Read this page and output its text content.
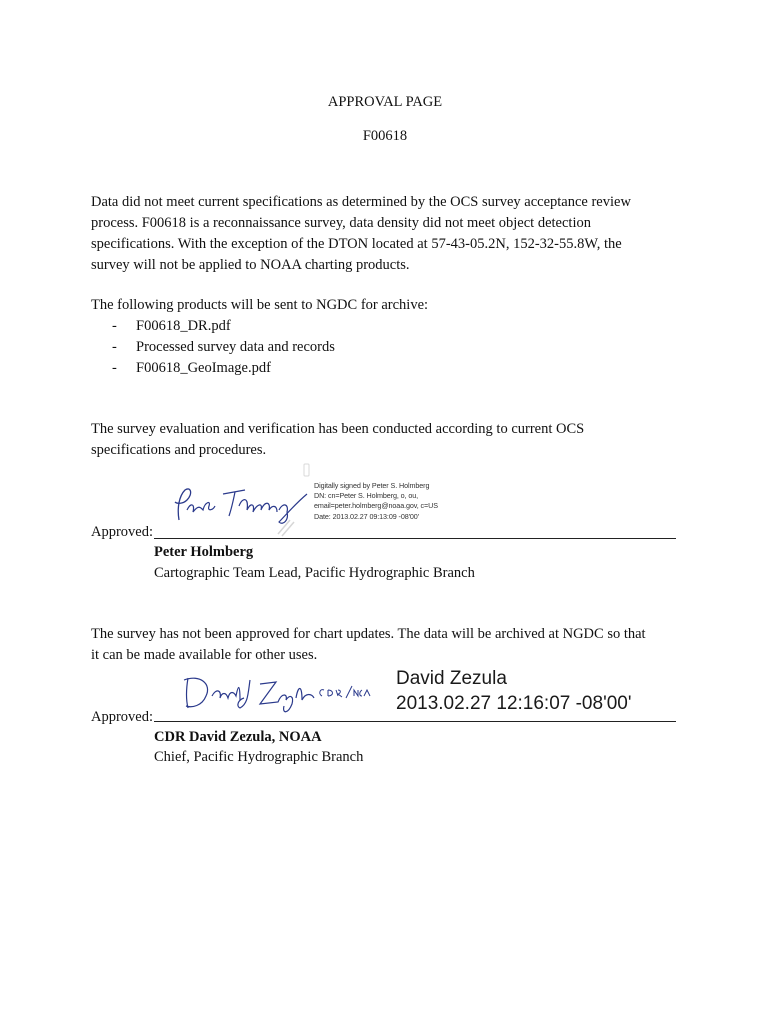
APPROVAL PAGE
F00618

Data did not meet current specifications as determined by the OCS survey acceptance review

process. F00618 is a reconnaissance survey, data density did not meet object detection

specifications. With the exception of the DTON located at 57-43-05.2N, 152-32-55.8W, the

survey will not be applied to NOAA charting products.

The following products will be sent to NGDC for archive:
- F00618_DR.pdf
- Processed survey data and records
- F00618_GeoImage.pdf

The survey evaluation and verification has been conducted according to current OCS

specifications and procedures.

Digitally signed by Peter S. Holmberg
DN: cn=Peter S. Holmberg, o, ou,
email=peter.holmberg@noaa.gov, c=US
Date: 2013.02.27 09:13:09 -08'00'
Approved:
Peter Holmberg
Cartographic Team Lead, Pacific Hydrographic Branch

The survey has not been approved for chart updates. The data will be archived at NGDC so that

it can be made available for other uses.

David Zezula
2013.02.27 12:16:07 -08'00'
Approved:
CDR David Zezula, NOAA
Chief, Pacific Hydrographic Branch
